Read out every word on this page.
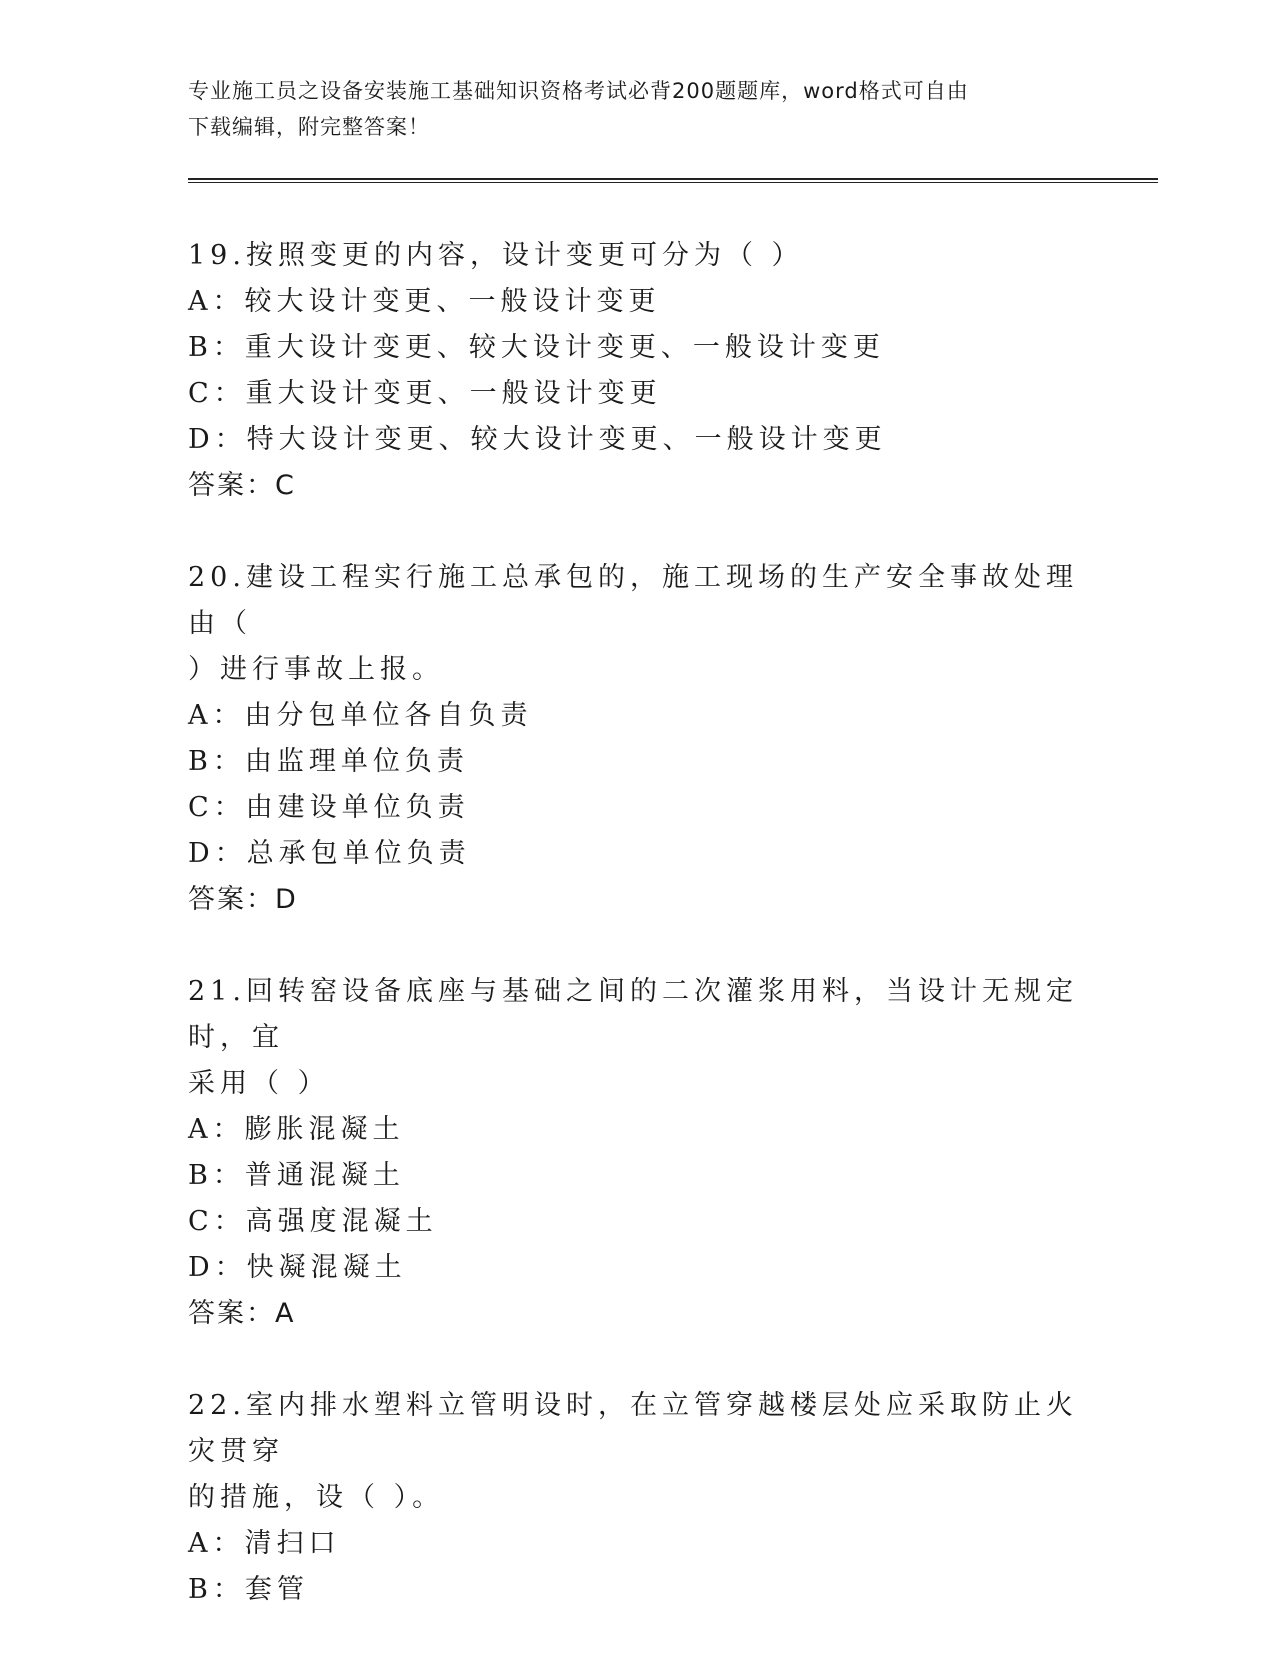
专业施工员之设备安装施工基础知识资格考试必背200题题库，word格式可自由
下载编辑，附完整答案！
19.按照变更的内容，设计变更可分为（ ）
A：较大设计变更、一般设计变更
B：重大设计变更、较大设计变更、一般设计变更
C：重大设计变更、一般设计变更
D：特大设计变更、较大设计变更、一般设计变更
答案：C
20.建设工程实行施工总承包的，施工现场的生产安全事故处理由（
）进行事故上报。
A：由分包单位各自负责
B：由监理单位负责
C：由建设单位负责
D：总承包单位负责
答案：D
21.回转窑设备底座与基础之间的二次灌浆用料，当设计无规定时，宜
采用（ ）
A：膨胀混凝土
B：普通混凝土
C：高强度混凝土
D：快凝混凝土
答案：A
22.室内排水塑料立管明设时，在立管穿越楼层处应采取防止火灾贯穿
的措施，设（ ）。
A：清扫口
B：套管
